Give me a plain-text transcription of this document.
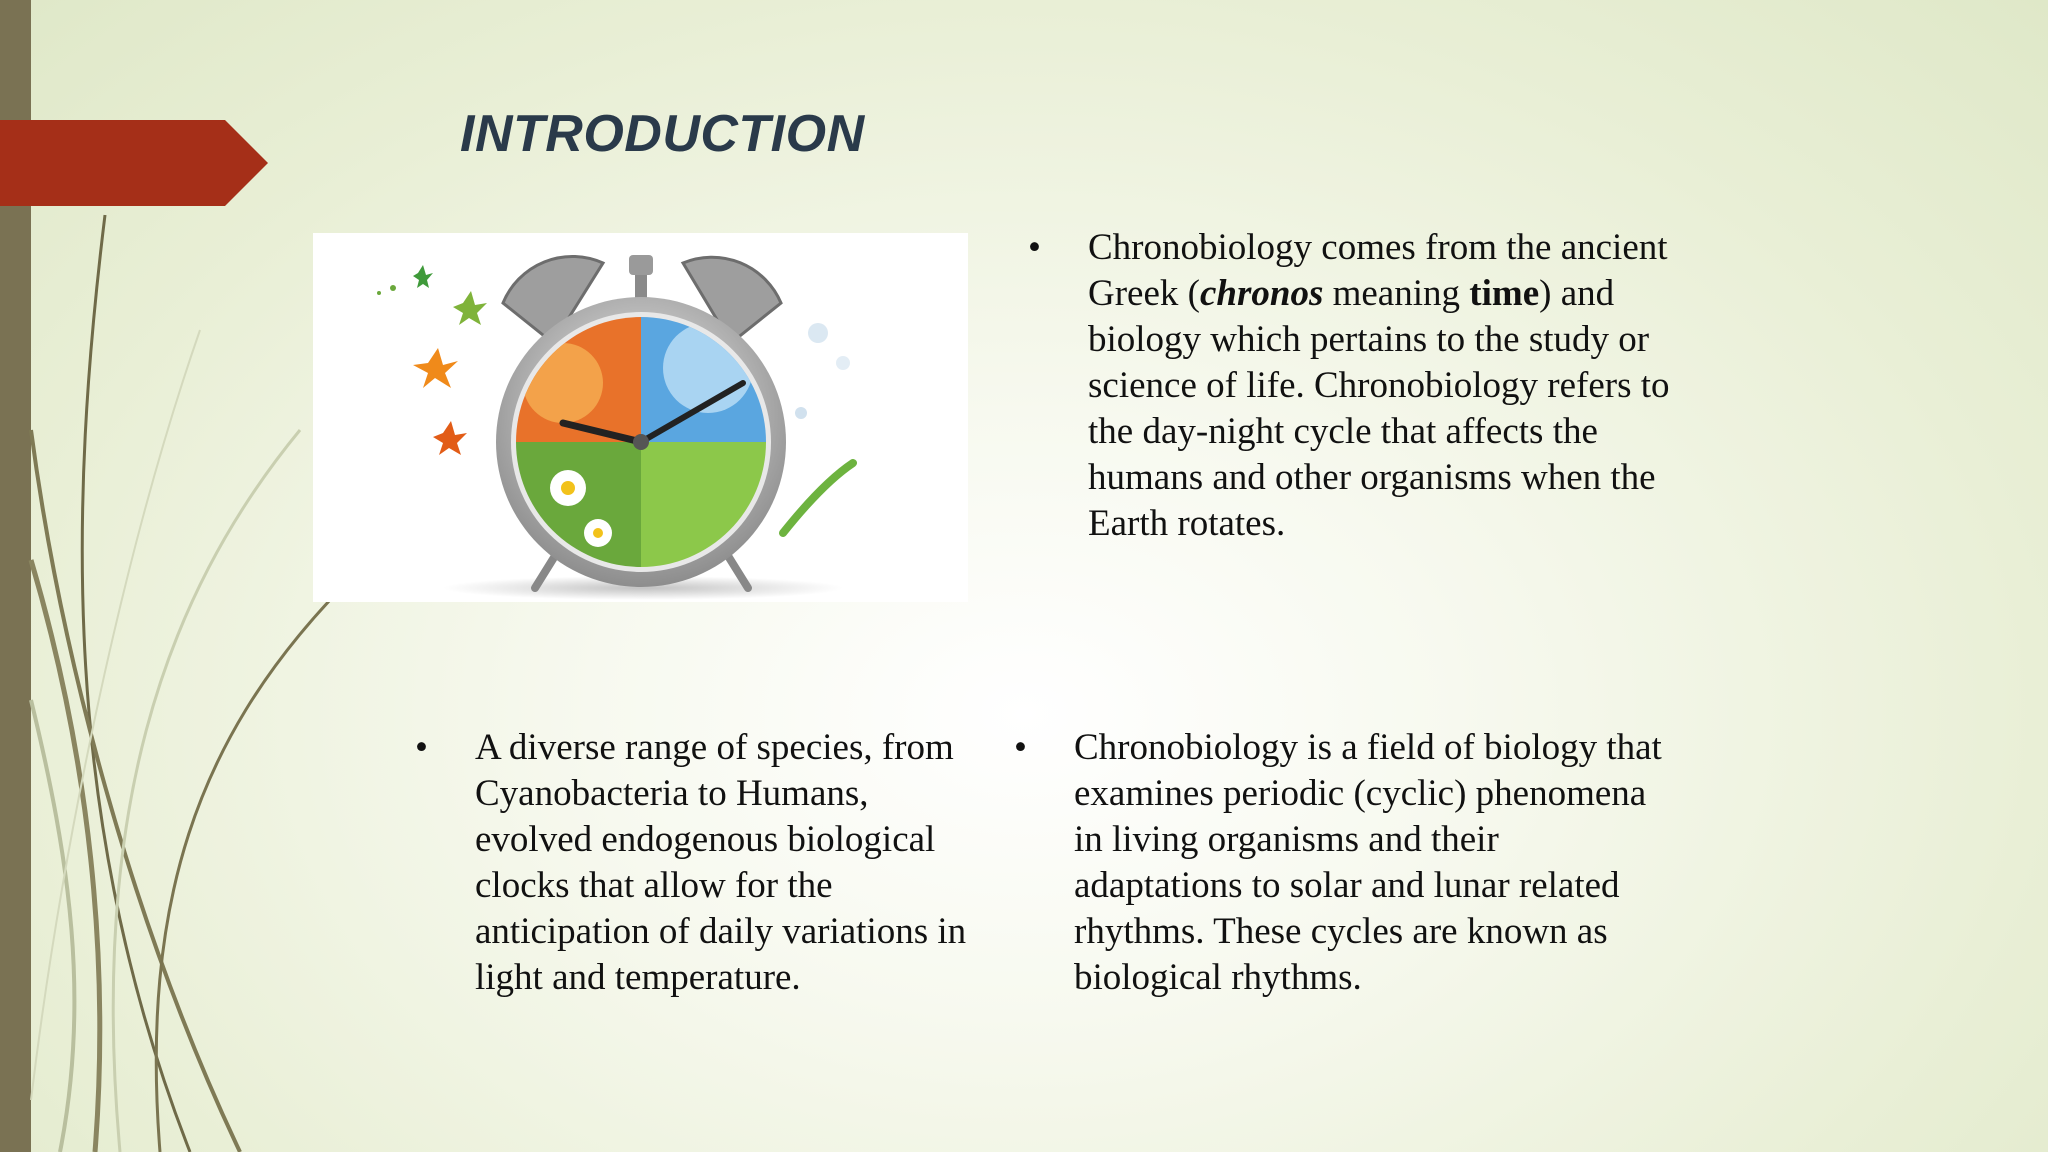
INTRODUCTION
• Chronobiology comes from the ancient Greek (chronos meaning time) and biology which pertains to the study or science of life. Chronobiology refers to the day-night cycle that affects the humans and other organisms when the Earth rotates.
• A diverse range of species, from Cyanobacteria to Humans, evolved endogenous biological clocks that allow for the anticipation of daily variations in light and temperature.
• Chronobiology is a field of biology that examines periodic (cyclic) phenomena in living organisms and their adaptations to solar and lunar related rhythms. These cycles are known as biological rhythms.
